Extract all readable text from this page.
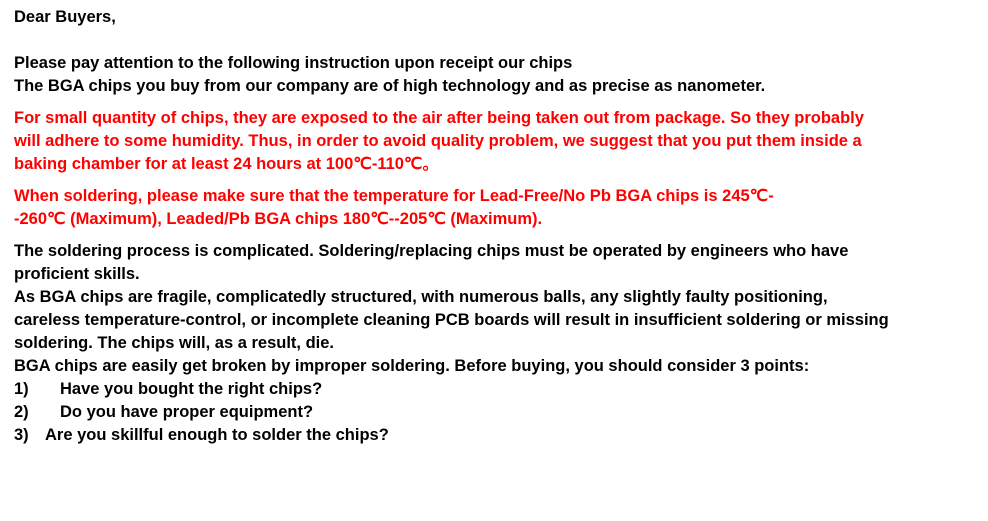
Dear Buyers,
Please pay attention to the following instruction upon receipt our chips
The BGA chips you buy from our company are of high technology and as precise as nanometer.
For small quantity of chips, they are exposed to the air after being taken out from package. So they probably
will adhere to some humidity. Thus, in order to avoid quality problem, we suggest that you put them inside a
baking chamber for at least 24 hours at 100℃-110℃。
When soldering, please make sure that the temperature for Lead-Free/No Pb BGA chips is 245℃-
-260℃ (Maximum), Leaded/Pb BGA chips 180℃--205℃ (Maximum).
The soldering process is complicated. Soldering/replacing chips must be operated by engineers who have
proficient skills.
As BGA chips are fragile, complicatedly structured, with numerous balls, any slightly faulty positioning,
careless temperature-control, or incomplete cleaning PCB boards will result in insufficient soldering or missing
soldering. The chips will, as a result, die.
BGA chips are easily get broken by improper soldering. Before buying, you should consider 3 points:
1)	Have you bought the right chips?
2)	Do you have proper equipment?
3) Are you skillful enough to solder the chips?
